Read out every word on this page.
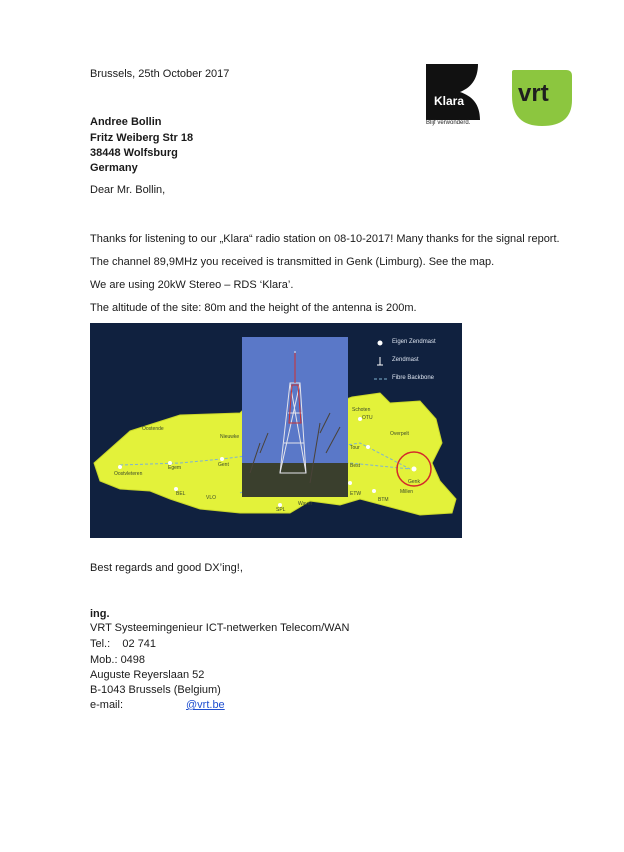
Brussels, 25th October 2017
Klara
Blijf verwonderd.
vrt
Andree Bollin
Fritz Weiberg Str 18
38448 Wolfsburg
Germany
Dear Mr. Bollin,
Thanks for listening to our „Klara“ radio station on 08-10-2017! Many thanks for the signal report.
The channel 89,9MHz you received is transmitted in Genk (Limburg). See the map.
We are using 20kW Stereo – RDS ‘Klara’.
The altitude of the site: 80m and the height of the antenna is 200m.
Eigen Zendmast
Zendmast
Fibre Backbone
Oostende
Nieuwke
Egem	Gent
Oostvleteren
BEL
VLO
SPL
Waver
Schoten
OTU
Overpelt
Genk
Millen
BTM
Best
Tour
ETW
Best regards and good DX’ing!,
ing.
VRT Systeemingenieur ICT-netwerken Telecom/WAN
Tel.:    02 741
Mob.: 0498
Auguste Reyerslaan 52
B-1043 Brussels (Belgium)
e-mail:	@vrt.be
